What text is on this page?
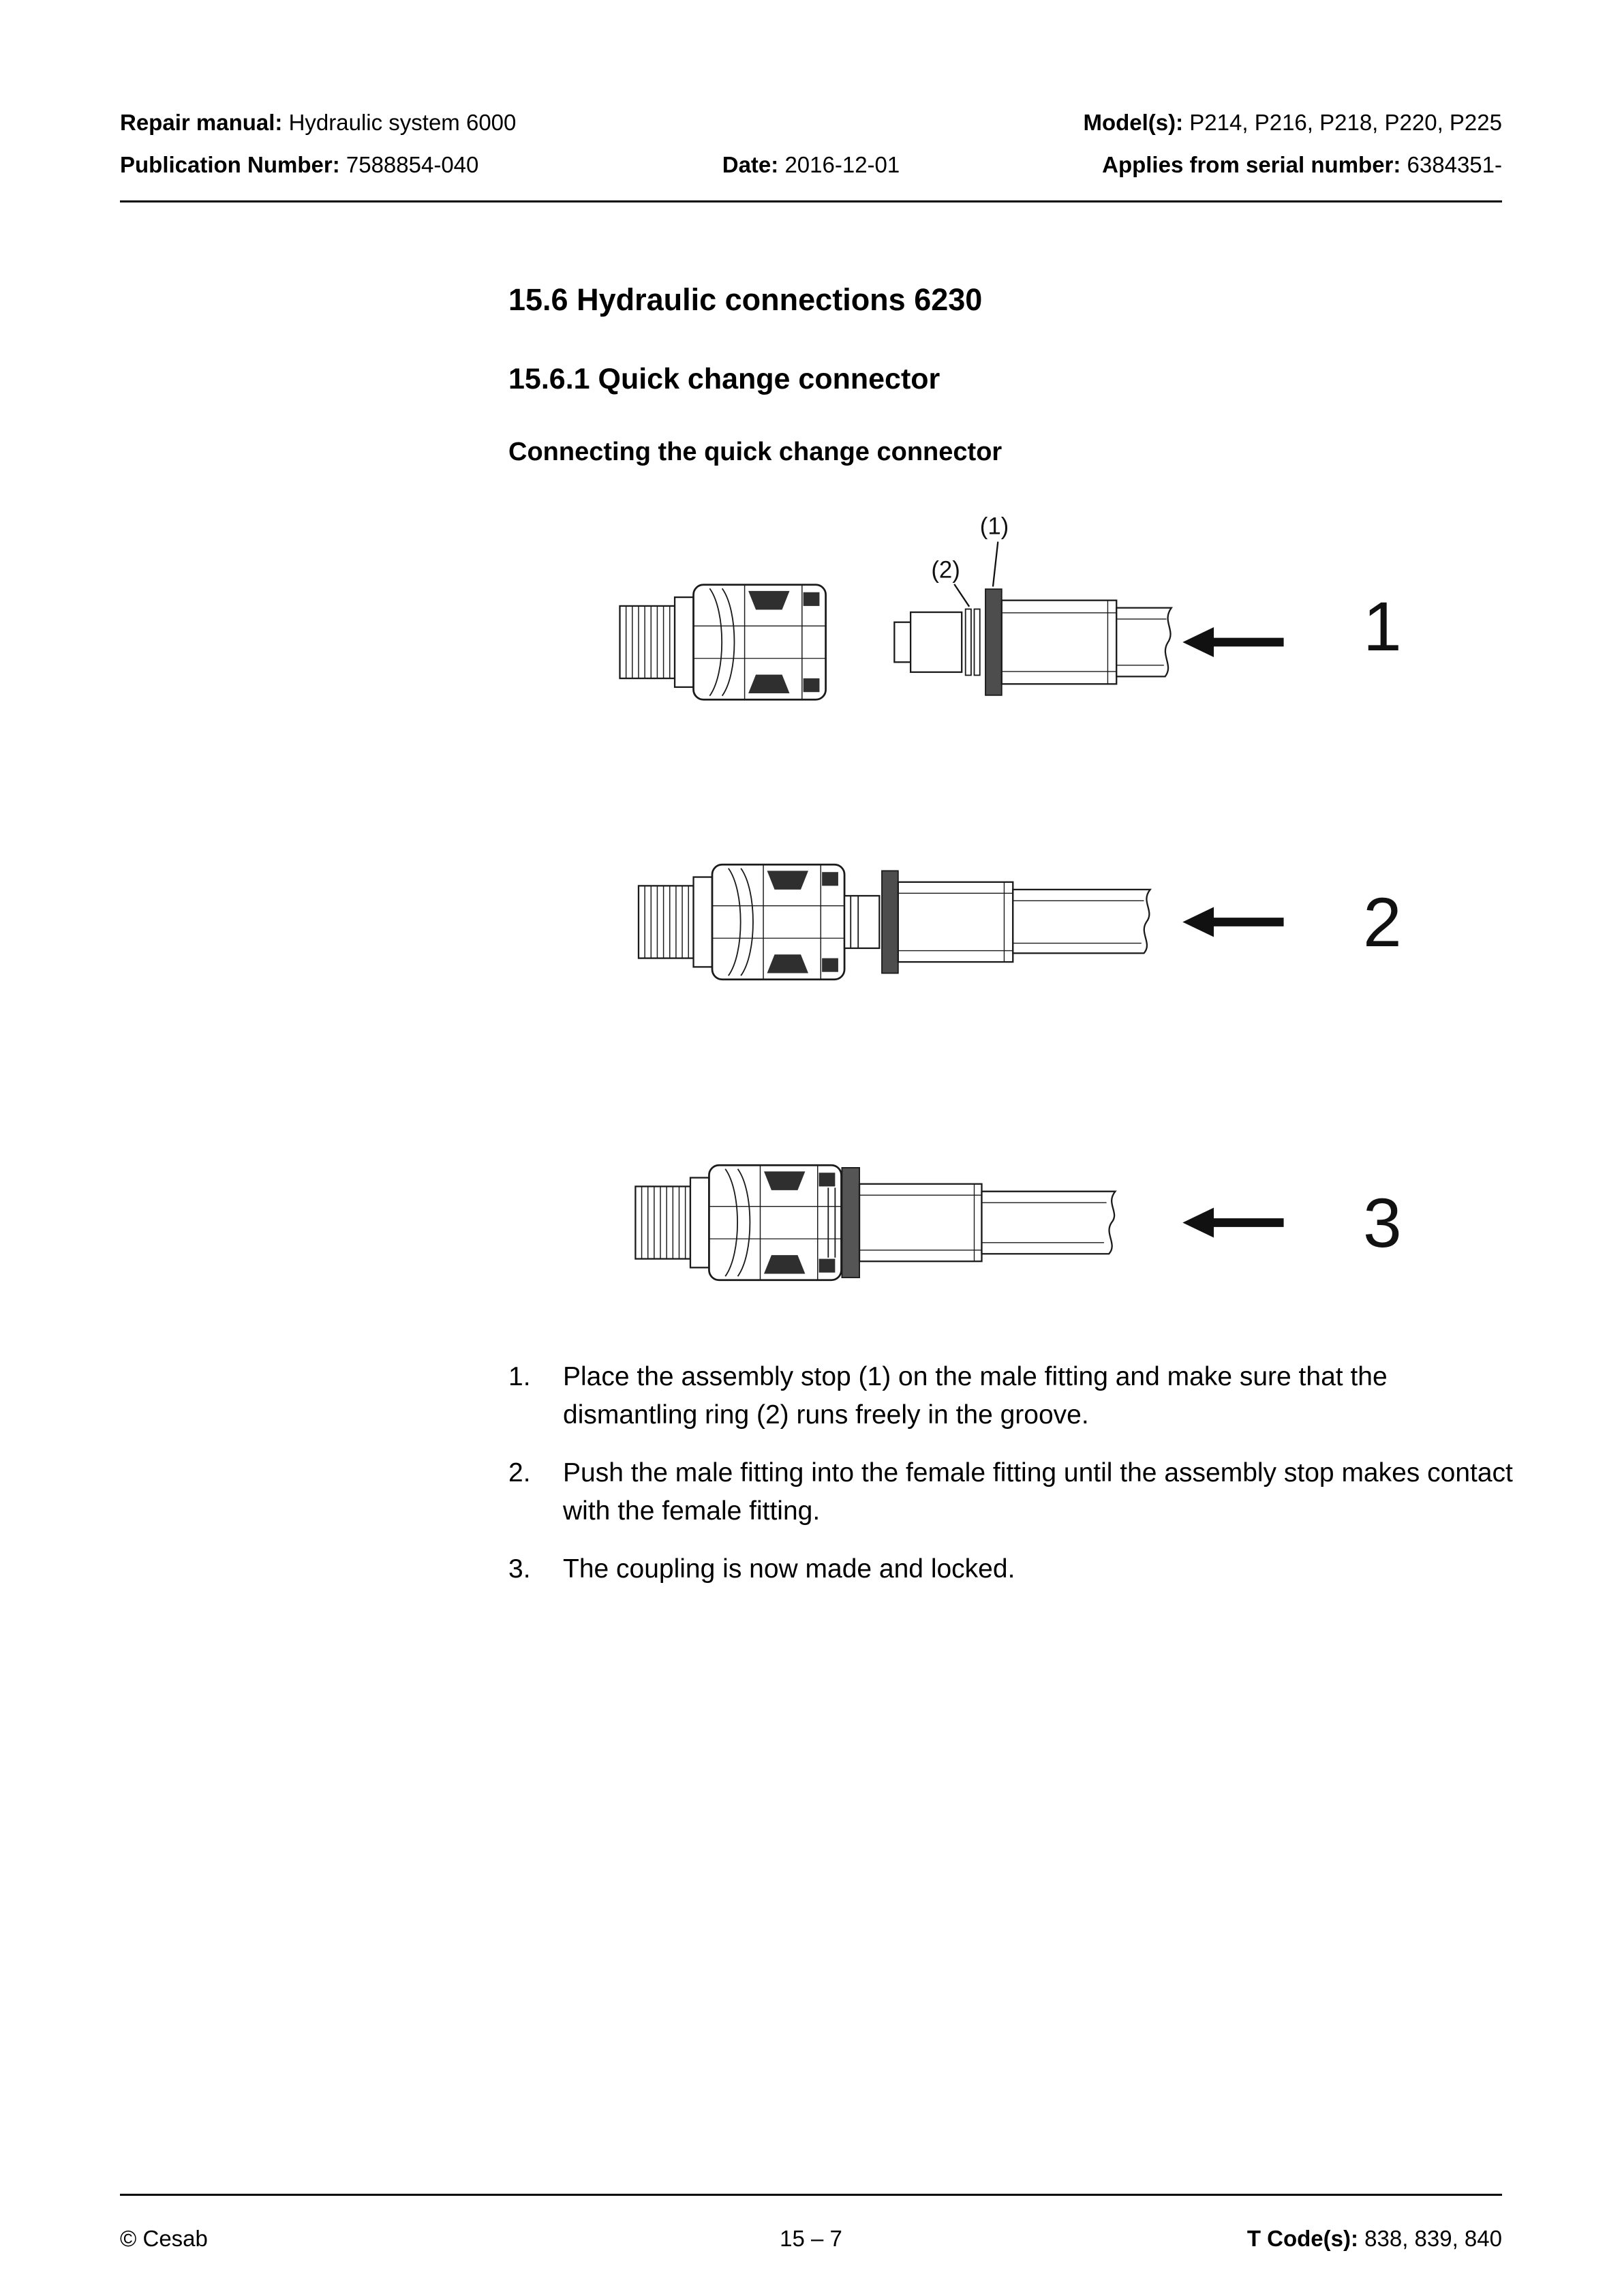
Repair manual: Hydraulic system 6000	Model(s): P214, P216, P218, P220, P225
Publication Number: 7588854-040	Date: 2016-12-01	Applies from serial number: 6384351-
15.6 Hydraulic connections 6230
15.6.1 Quick change connector
Connecting the quick change connector
(1)
(2)
1
2
3
1.	Place the assembly stop (1) on the male fitting and make sure that the dismantling ring (2) runs freely in the groove.
2.	Push the male fitting into the female fitting until the assembly stop makes contact with the female fitting.
3.	The coupling is now made and locked.
© Cesab	15 – 7	T Code(s): 838, 839, 840
